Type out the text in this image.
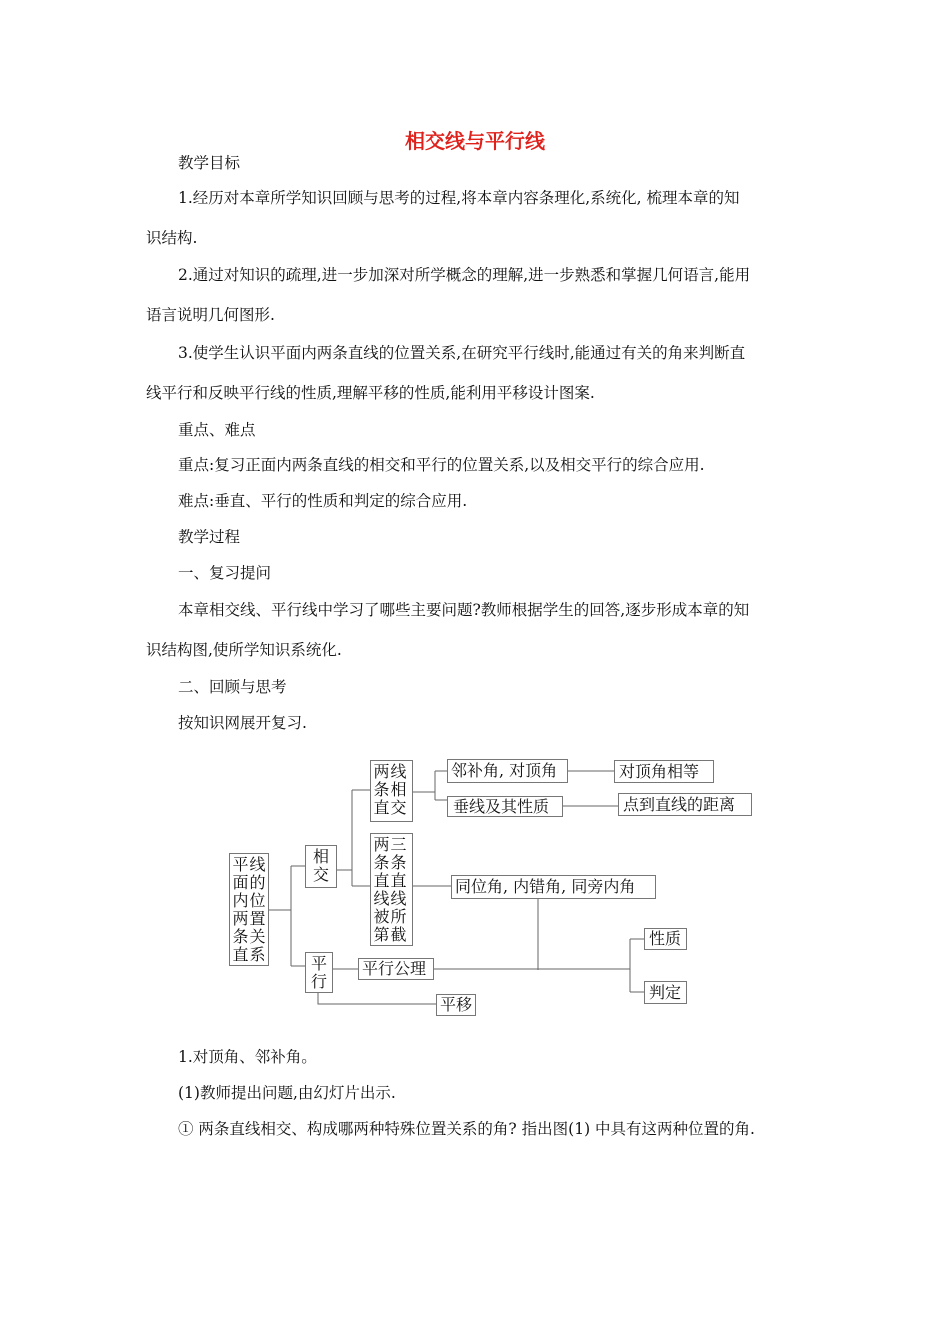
相交线与平行线
教学目标
1.经历对本章所学知识回顾与思考的过程,将本章内容条理化,系统化, 梳理本章的知
识结构.
2.通过对知识的疏理,进一步加深对所学概念的理解,进一步熟悉和掌握几何语言,能用
语言说明几何图形.
3.使学生认识平面内两条直线的位置关系,在研究平行线时,能通过有关的角来判断直
线平行和反映平行线的性质,理解平移的性质,能利用平移设计图案.
重点、难点
重点:复习正面内两条直线的相交和平行的位置关系,以及相交平行的综合应用.
难点:垂直、平行的性质和判定的综合应用.
教学过程
一、复习提问
本章相交线、平行线中学习了哪些主要问题?教师根据学生的回答,逐步形成本章的知
识结构图,使所学知识系统化.
二、回顾与思考
按知识网展开复习.
平 线
面 的
内 位
两 置
条 关
直 系
相
交
平
行
两 线
条 相
直 交
两 三
条 条
直 直
线 线
被 所
第 截
邻补角, 对顶角	对顶角相等
垂线及其性质	点到直线的距离
同位角, 内错角, 同旁内角
平行公理
平移
性质
判定
1.对顶角、邻补角。
(1)教师提出问题,由幻灯片出示.
① 两条直线相交、构成哪两种特殊位置关系的角? 指出图(1) 中具有这两种位置的角.
